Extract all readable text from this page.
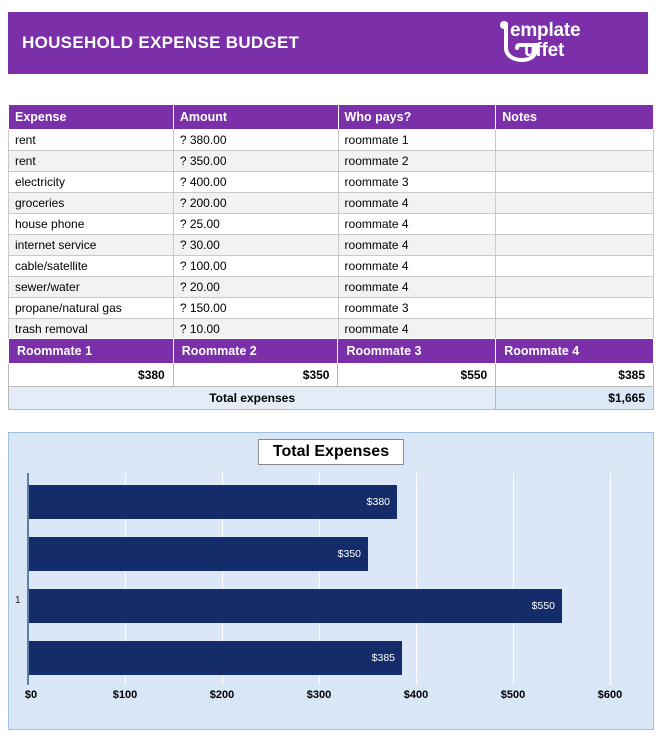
HOUSEHOLD EXPENSE BUDGET
emplate
uffet
Expense	Amount	Who pays?	Notes
rent	? 380.00	roommate 1	
rent	? 350.00	roommate 2	
electricity	? 400.00	roommate 3	
groceries	? 200.00	roommate 4	
house phone	? 25.00	roommate 4	
internet service	? 30.00	roommate 4	
cable/satellite	? 100.00	roommate 4	
sewer/water	? 20.00	roommate 4	
propane/natural gas	? 150.00	roommate 3	
trash removal	? 10.00	roommate 4	
Roommate 1	Roommate 2	Roommate 3	Roommate 4
$380	$350	$550	$385
Total expenses			$1,665
Total Expenses
1
$380
$350
$550
$385
$0	$100	$200	$300	$400	$500	$600
